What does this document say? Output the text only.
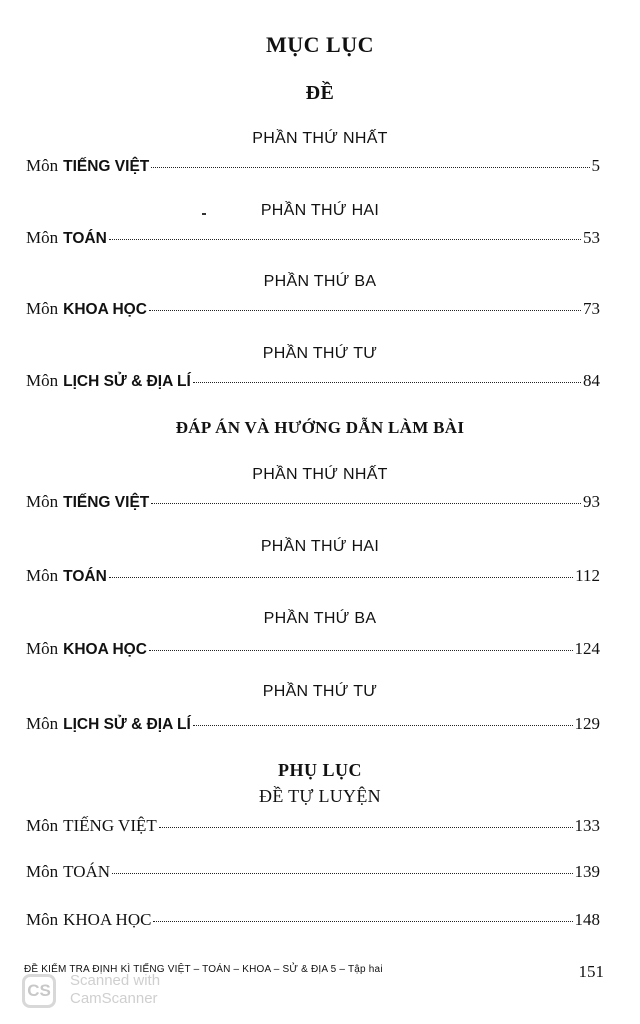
MỤC LỤC
ĐỀ
PHẦN THỨ NHẤT
Môn TIẾNG VIỆT	5
PHẦN THỨ HAI
Môn TOÁN	53
PHẦN THỨ BA
Môn KHOA HỌC	73
PHẦN THỨ TƯ
Môn LỊCH SỬ & ĐỊA LÍ	84
ĐÁP ÁN VÀ HƯỚNG DẪN LÀM BÀI
PHẦN THỨ NHẤT
Môn TIẾNG VIỆT	93
PHẦN THỨ HAI
Môn TOÁN	112
PHẦN THỨ BA
Môn KHOA HỌC	124
PHẦN THỨ TƯ
Môn LỊCH SỬ & ĐỊA LÍ	129
PHỤ LỤC
ĐỀ TỰ LUYỆN
Môn TIẾNG VIỆT	133
Môn TOÁN	139
Môn KHOA HỌC	148
ĐỀ KIỂM TRA ĐỊNH KÌ TIẾNG VIỆT – TOÁN – KHOA – SỬ & ĐỊA 5 – Tập hai	151
CS
Scanned with
CamScanner
